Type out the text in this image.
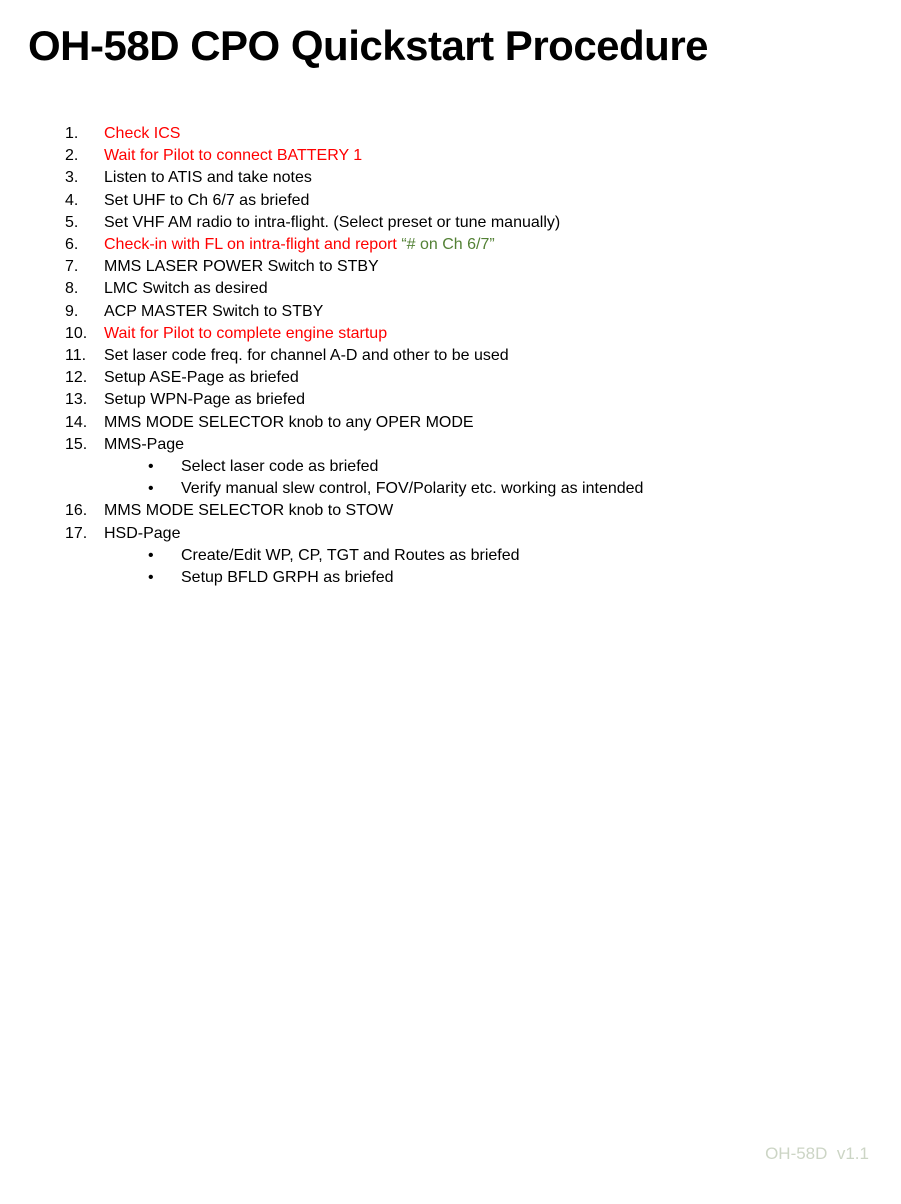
OH-58D CPO Quickstart Procedure
1. Check ICS
2. Wait for Pilot to connect BATTERY 1
3. Listen to ATIS and take notes
4. Set UHF to Ch 6/7 as briefed
5. Set VHF AM radio to intra-flight. (Select preset or tune manually)
6. Check-in with FL on intra-flight and report “# on Ch 6/7”
7. MMS LASER POWER Switch to STBY
8. LMC Switch as desired
9. ACP MASTER Switch to STBY
10. Wait for Pilot to complete engine startup
11. Set laser code freq. for channel A-D and other to be used
12. Setup ASE-Page as briefed
13. Setup WPN-Page as briefed
14. MMS MODE SELECTOR knob to any OPER MODE
15. MMS-Page
• Select laser code as briefed
• Verify manual slew control, FOV/Polarity etc. working as intended
16. MMS MODE SELECTOR knob to STOW
17. HSD-Page
• Create/Edit WP, CP, TGT and Routes as briefed
• Setup BFLD GRPH as briefed
OH-58D  v1.1
